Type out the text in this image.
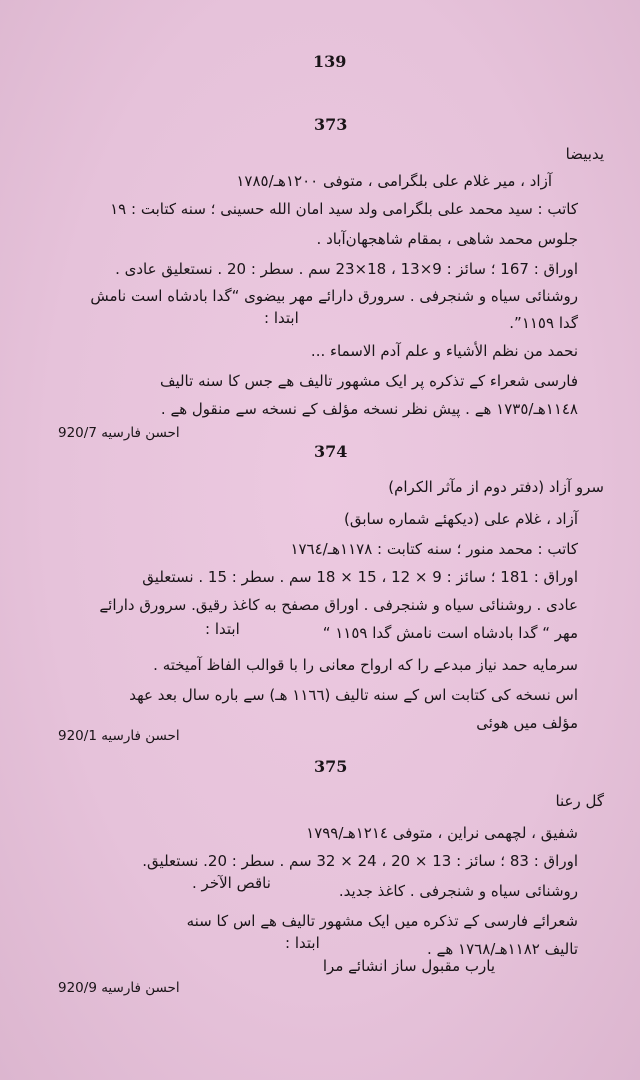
139
373
يدبيضا
آزاد ، مير غلام على بلگرامى ، متوفى ١٢٠٠هـ/١٧٨٥
كاتب : سيد محمد على بلگرامى ولد سيد امان الله حسينى ؛ سنه كتابت : ١٩
جلوس محمد شاهى ، بمقام شاهجهان‌آباد .
اوراق : 167 ؛ سائز : 9×13 ، 18×23 سم . سطر : 20 . نستعليق عادى .
روشنائى سياه و شنجرفى . سرورق دارائے مهر بيضوى “گدا بادشاه است نامش
گدا ١١٥٩”.
ابتدا :
نحمد من نظم الأشياء و علم آدم الاسماء ...
فارسى شعراء كے تذكره پر ايک مشهور تاليف هے جس كا سنه تاليف
١١٤٨هـ/١٧٣٥ هے . پيش نظر نسخه مؤلف كے نسخه سے منقول هے .
احسن فارسيه 920/7
374
سرو آزاد (دفتر دوم از مآثر الكرام)
آزاد ، غلام على (ديكهئے شماره سابق)
كاتب : محمد منور ؛ سنه كتابت : ١١٧٨هـ/١٧٦٤
اوراق : 181 ؛ سائز : 9 × 12 ، 15 × 18 سم . سطر : 15 . نستعليق
عادى . روشنائى سياه و شنجرفى . اوراق مصفح به كاغذ رقيق. سرورق دارائے
مهر “ گدا بادشاه است نامش گدا ١١٥٩ “
ابتدا :
سرمايه حمد نياز مبدعے را كه ارواح معانى را با قوالب الفاظ آميخته .
اس نسخه كى كتابت اس كے سنه تاليف (١١٦٦ هـ) سے باره سال بعد عهد
مؤلف ميں هوئى
احسن فارسيه 920/1
375
گل رعنا
شفيق ، لچهمى نراين ، متوفى ١٢١٤هـ/١٧٩٩
اوراق : 83 ؛ سائز : 13 × 20 ، 24 × 32 سم . سطر : 20. نستعليق.
روشنائى سياه و شنجرفى . كاغذ جديد.
ناقص الآخر .
شعرائے فارسى كے تذكره ميں ايک مشهور تاليف هے اس كا سنه
تاليف ١١٨٢هـ/١٧٦٨ هے .
ابتدا :
يارب مقبول ساز انشائے مرا
احسن فارسيه 920/9
